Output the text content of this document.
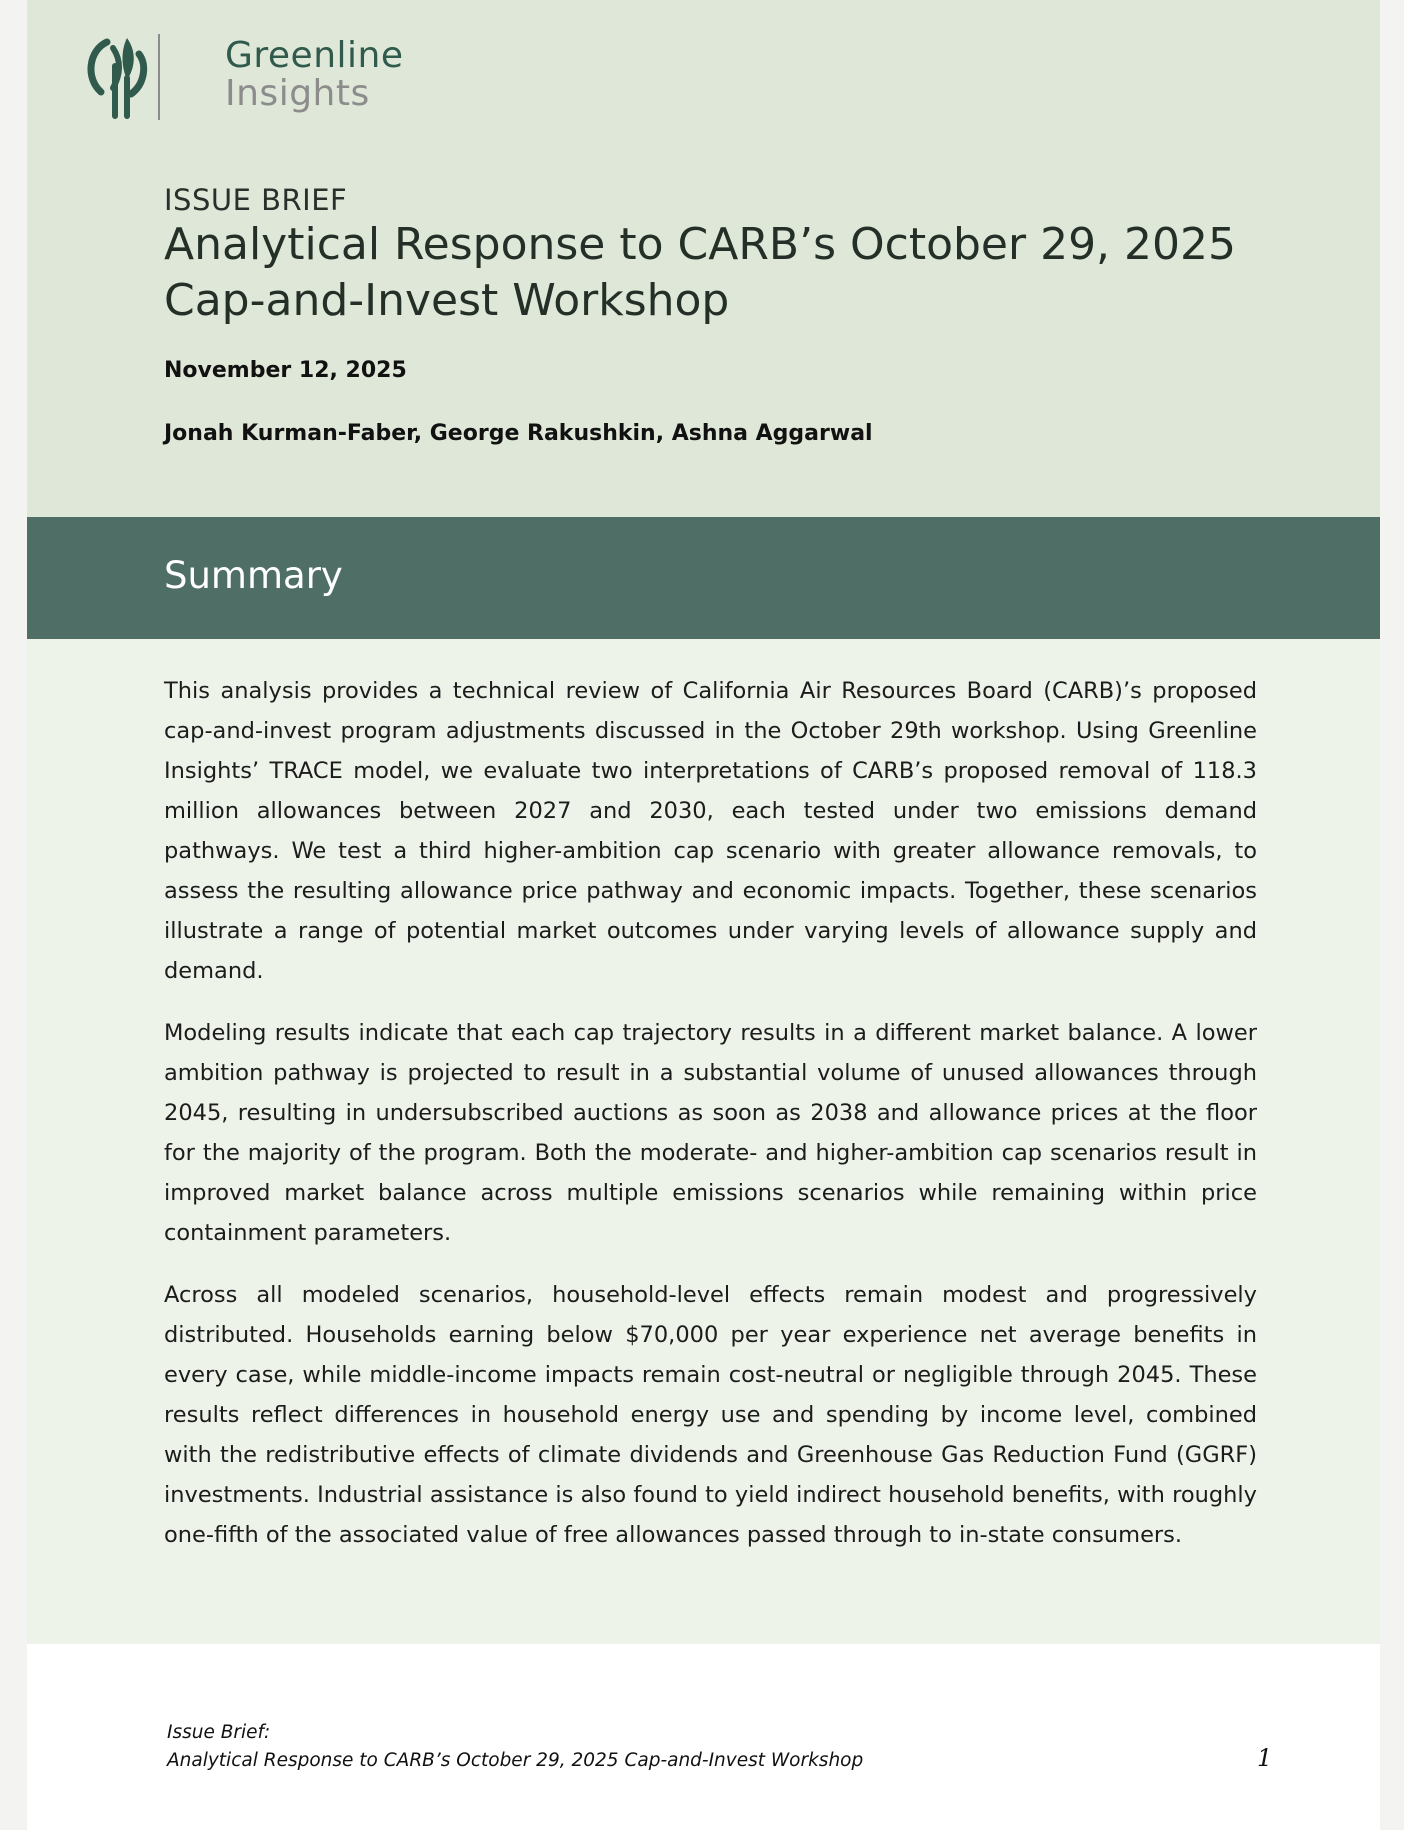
Greenline
Insights
ISSUE BRIEF
Analytical Response to CARB’s October 29, 2025 Cap-and-Invest Workshop
November 12, 2025
Jonah Kurman-Faber, George Rakushkin, Ashna Aggarwal
Summary

This analysis provides a technical review of California Air Resources Board (CARB)’s proposed cap-and-invest program adjustments discussed in the October 29th workshop. Using Greenline Insights’ TRACE model, we evaluate two interpretations of CARB’s proposed removal of 118.3 million allowances between 2027 and 2030, each tested under two emissions demand pathways. We test a third higher-ambition cap scenario with greater allowance removals, to assess the resulting allowance price pathway and economic impacts. Together, these scenarios illustrate a range of potential market outcomes under varying levels of allowance supply and demand.

Modeling results indicate that each cap trajectory results in a different market balance. A lower ambition pathway is projected to result in a substantial volume of unused allowances through 2045, resulting in undersubscribed auctions as soon as 2038 and allowance prices at the floor for the majority of the program. Both the moderate- and higher-ambition cap scenarios result in improved market balance across multiple emissions scenarios while remaining within price containment parameters.

Across all modeled scenarios, household-level effects remain modest and progressively distributed. Households earning below $70,000 per year experience net average benefits in every case, while middle-income impacts remain cost-neutral or negligible through 2045. These results reflect differences in household energy use and spending by income level, combined with the redistributive effects of climate dividends and Greenhouse Gas Reduction Fund (GGRF) investments. Industrial assistance is also found to yield indirect household benefits, with roughly one-fifth of the associated value of free allowances passed through to in-state consumers.

Issue Brief:
Analytical Response to CARB’s October 29, 2025 Cap-and-Invest Workshop	1
